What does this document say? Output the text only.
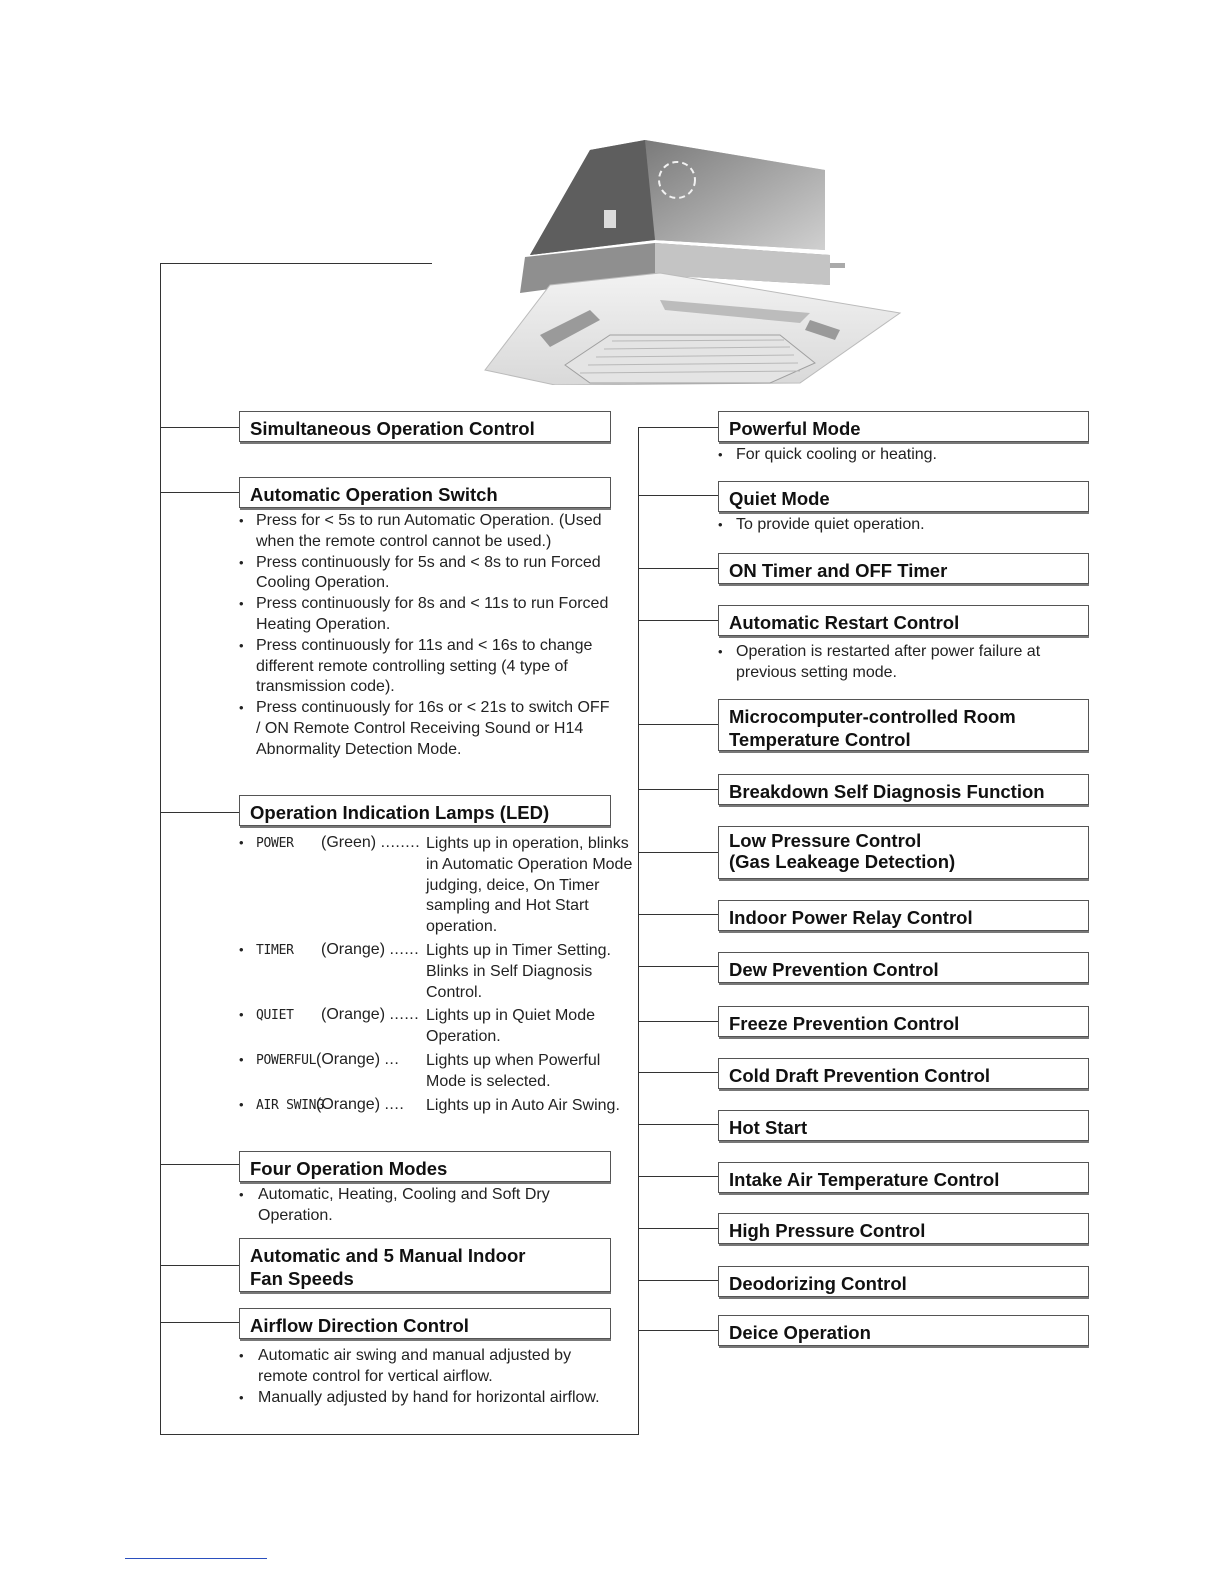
Simultaneous Operation Control
Automatic Operation Switch
• Press for < 5s to run Automatic Operation. (Used when the remote control cannot be used.)
• Press continuously for 5s and < 8s to run Forced Cooling Operation.
• Press continuously for 8s and < 11s to run Forced Heating Operation.
• Press continuously for 11s and < 16s to change different remote controlling setting (4 type of transmission code).
• Press continuously for 16s or < 21s to switch OFF / ON Remote Control Receiving Sound or H14 Abnormality Detection Mode.
Operation Indication Lamps (LED)
• POWER (Green) ........ Lights up in operation, blinks in Automatic Operation Mode judging, deice, On Timer sampling and Hot Start operation.
• TIMER (Orange) ...... Lights up in Timer Setting. Blinks in Self Diagnosis Control.
• QUIET (Orange) ...... Lights up in Quiet Mode Operation.
• POWERFUL (Orange) ... Lights up when Powerful Mode is selected.
• AIR SWING
(Orange) .... Lights up in Auto Air Swing.
Four Operation Modes
• Automatic, Heating, Cooling and Soft Dry Operation.
Automatic and 5 Manual Indoor
Fan Speeds
Airflow Direction Control
• Automatic air swing and manual adjusted by remote control for vertical airflow.
• Manually adjusted by hand for horizontal airflow.
Powerful Mode
• For quick cooling or heating.
Quiet Mode
• To provide quiet operation.
ON Timer and OFF Timer
Automatic Restart Control
• Operation is restarted after power failure at previous setting mode.
Microcomputer-controlled Room
Temperature Control
Breakdown Self Diagnosis Function
Low Pressure Control
(Gas Leakeage Detection)
Indoor Power Relay Control
Dew Prevention Control
Freeze Prevention Control
Cold Draft Prevention Control
Hot Start
Intake Air Temperature Control
High Pressure Control
Deodorizing Control
Deice Operation
